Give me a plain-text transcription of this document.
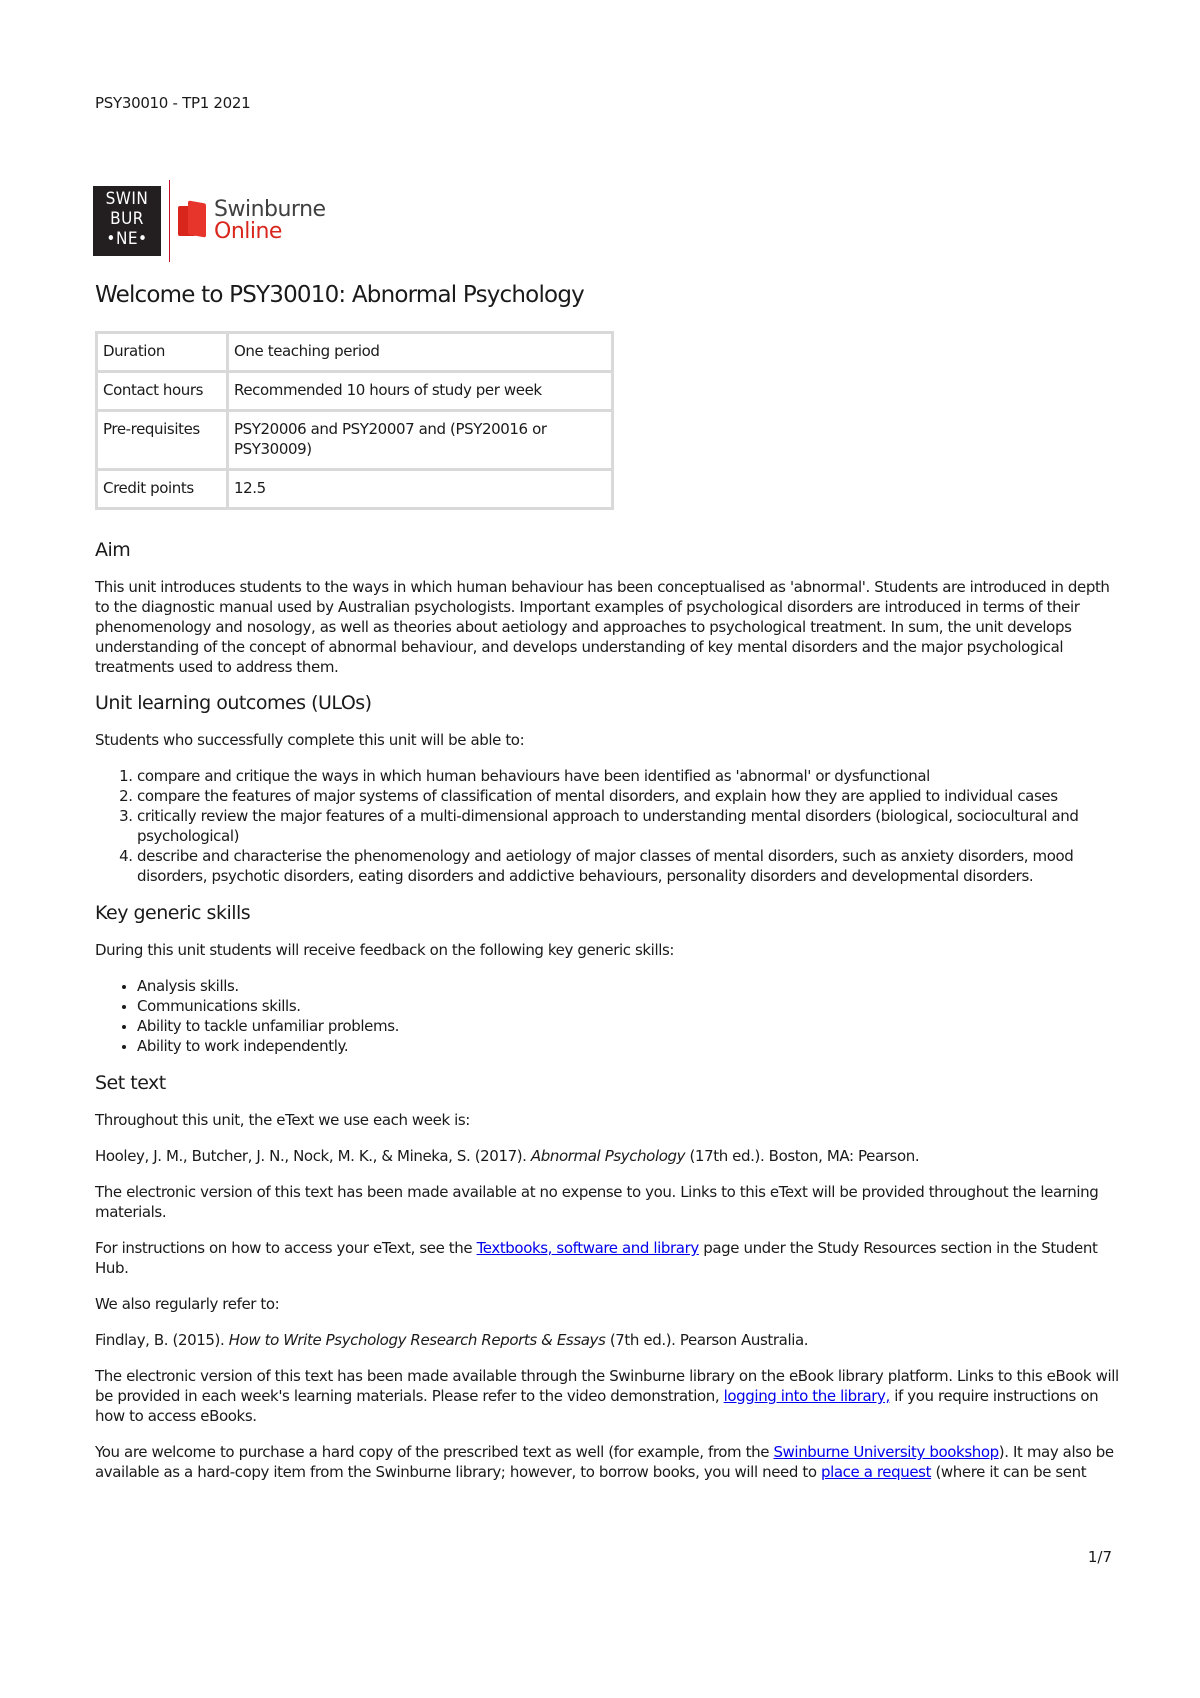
PSY30010 - TP1 2021
SWIN
BUR
•NE•
Swinburne
Online
Welcome to PSY30010: Abnormal Psychology
Duration	One teaching period
Contact hours	Recommended 10 hours of study per week
Pre-requisites	PSY20006 and PSY20007 and (PSY20016 or PSY30009)
Credit points	12.5
Aim

This unit introduces students to the ways in which human behaviour has been conceptualised as 'abnormal'. Students are introduced in depth to the diagnostic manual used by Australian psychologists. Important examples of psychological disorders are introduced in terms of their phenomenology and nosology, as well as theories about aetiology and approaches to psychological treatment. In sum, the unit develops understanding of the concept of abnormal behaviour, and develops understanding of key mental disorders and the major psychological treatments used to address them.

Unit learning outcomes (ULOs)

Students who successfully complete this unit will be able to:

1. compare and critique the ways in which human behaviours have been identified as 'abnormal' or dysfunctional
2. compare the features of major systems of classification of mental disorders, and explain how they are applied to individual cases
3. critically review the major features of a multi-dimensional approach to understanding mental disorders (biological, sociocultural and psychological)
4. describe and characterise the phenomenology and aetiology of major classes of mental disorders, such as anxiety disorders, mood disorders, psychotic disorders, eating disorders and addictive behaviours, personality disorders and developmental disorders.
Key generic skills

During this unit students will receive feedback on the following key generic skills:

• Analysis skills.
• Communications skills.
• Ability to tackle unfamiliar problems.
• Ability to work independently.
Set text

Throughout this unit, the eText we use each week is:

Hooley, J. M., Butcher, J. N., Nock, M. K., & Mineka, S. (2017). Abnormal Psychology (17th ed.). Boston, MA: Pearson.

The electronic version of this text has been made available at no expense to you. Links to this eText will be provided throughout the learning materials.

For instructions on how to access your eText, see the Textbooks, software and library page under the Study Resources section in the Student Hub.

We also regularly refer to:

Findlay, B. (2015). How to Write Psychology Research Reports & Essays (7th ed.). Pearson Australia.

The electronic version of this text has been made available through the Swinburne library on the eBook library platform. Links to this eBook will be provided in each week's learning materials. Please refer to the video demonstration, logging into the library, if you require instructions on how to access eBooks.

You are welcome to purchase a hard copy of the prescribed text as well (for example, from the Swinburne University bookshop). It may also be available as a hard-copy item from the Swinburne library; however, to borrow books, you will need to place a request (where it can be sent

1/7
